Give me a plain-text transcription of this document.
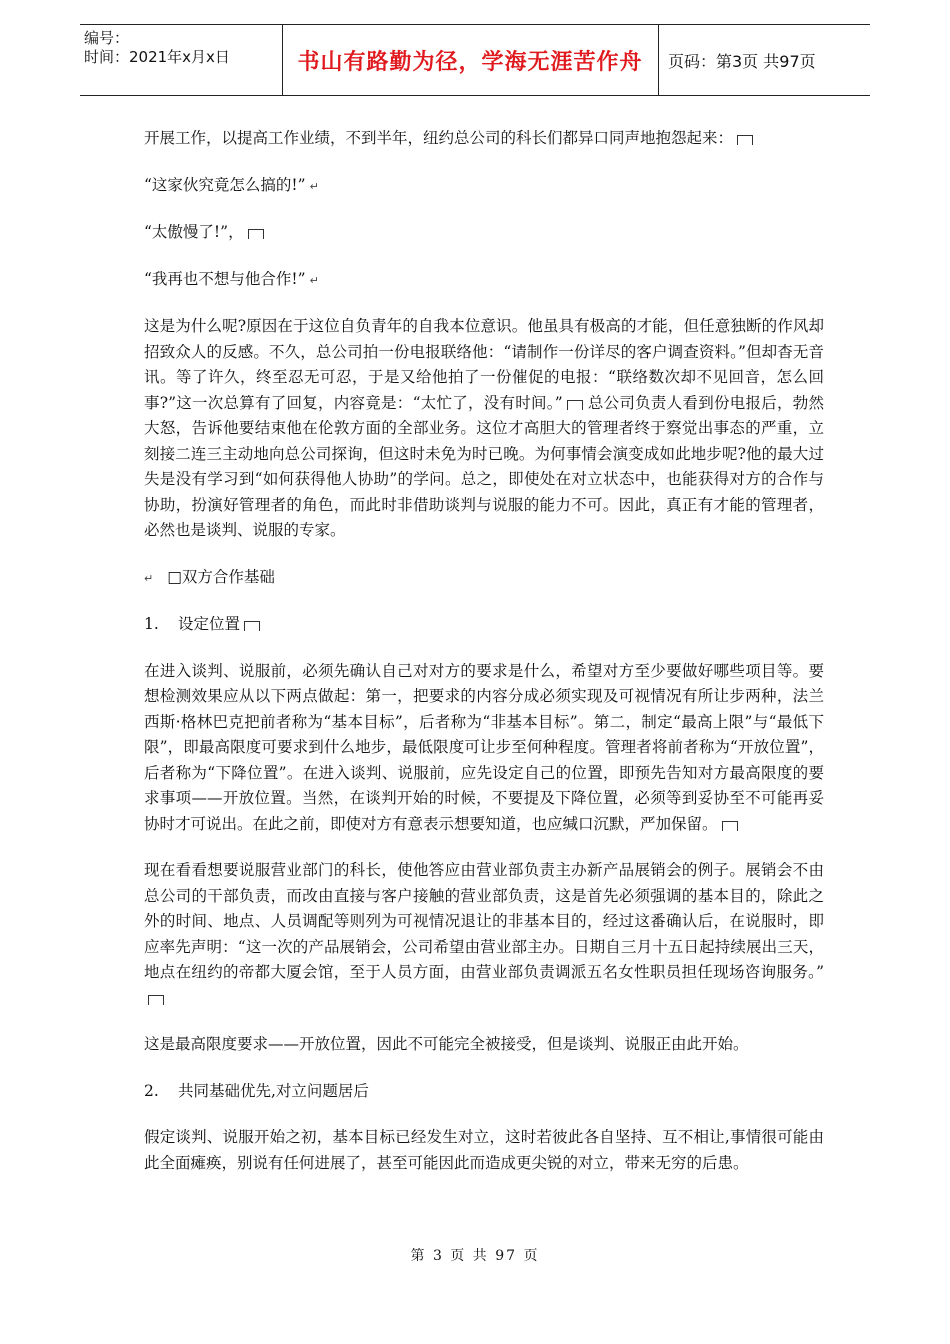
编号：
时间：2021年x月x日	书山有路勤为径，学海无涯苦作舟	页码：第3页 共97页

开展工作，以提高工作业绩，不到半年，纽约总公司的科长们都异口同声地抱怨起来：

“这家伙究竟怎么搞的!” ↵

“太傲慢了!”，

“我再也不想与他合作!” ↵

这是为什么呢?原因在于这位自负青年的自我本位意识。他虽具有极高的才能，但任意独断的作风却招致众人的反感。不久，总公司拍一份电报联络他：“请制作一份详尽的客户调查资料。”但却杳无音讯。等了许久，终至忍无可忍，于是又给他拍了一份催促的电报：“联络数次却不见回音，怎么回事?”这一次总算有了回复，内容竟是：“太忙了，没有时间。” 总公司负责人看到份电报后，勃然大怒，告诉他要结束他在伦敦方面的全部业务。这位才高胆大的管理者终于察觉出事态的严重，立刻接二连三主动地向总公司探询，但这时未免为时已晚。为何事情会演变成如此地步呢?他的最大过失是没有学习到“如何获得他人协助”的学问。总之，即使处在对立状态中，也能获得对方的合作与协助，扮演好管理者的角色，而此时非借助谈判与说服的能力不可。因此，真正有才能的管理者，必然也是谈判、说服的专家。

↵ □双方合作基础

1. 设定位置

在进入谈判、说服前，必须先确认自己对对方的要求是什么，希望对方至少要做好哪些项目等。要想检测效果应从以下两点做起：第一，把要求的内容分成必须实现及可视情况有所让步两种，法兰西斯·格林巴克把前者称为“基本目标”，后者称为“非基本目标”。第二，制定“最高上限”与“最低下限”，即最高限度可要求到什么地步，最低限度可让步至何种程度。管理者将前者称为“开放位置”，后者称为“下降位置”。在进入谈判、说服前，应先设定自己的位置，即预先告知对方最高限度的要求事项——开放位置。当然，在谈判开始的时候，不要提及下降位置，必须等到妥协至不可能再妥协时才可说出。在此之前，即使对方有意表示想要知道，也应缄口沉默，严加保留。

现在看看想要说服营业部门的科长，使他答应由营业部负责主办新产品展销会的例子。展销会不由总公司的干部负责，而改由直接与客户接触的营业部负责，这是首先必须强调的基本目的，除此之外的时间、地点、人员调配等则列为可视情况退让的非基本目的，经过这番确认后，在说服时，即应率先声明：“这一次的产品展销会，公司希望由营业部主办。日期自三月十五日起持续展出三天，地点在纽约的帝都大厦会馆，至于人员方面，由营业部负责调派五名女性职员担任现场咨询服务。”

这是最高限度要求——开放位置，因此不可能完全被接受，但是谈判、说服正由此开始。

2. 共同基础优先,对立问题居后

假定谈判、说服开始之初，基本目标已经发生对立，这时若彼此各自坚持、互不相让,事情很可能由此全面瘫痪，别说有任何进展了，甚至可能因此而造成更尖锐的对立，带来无穷的后患。

第 3 页 共 97 页
